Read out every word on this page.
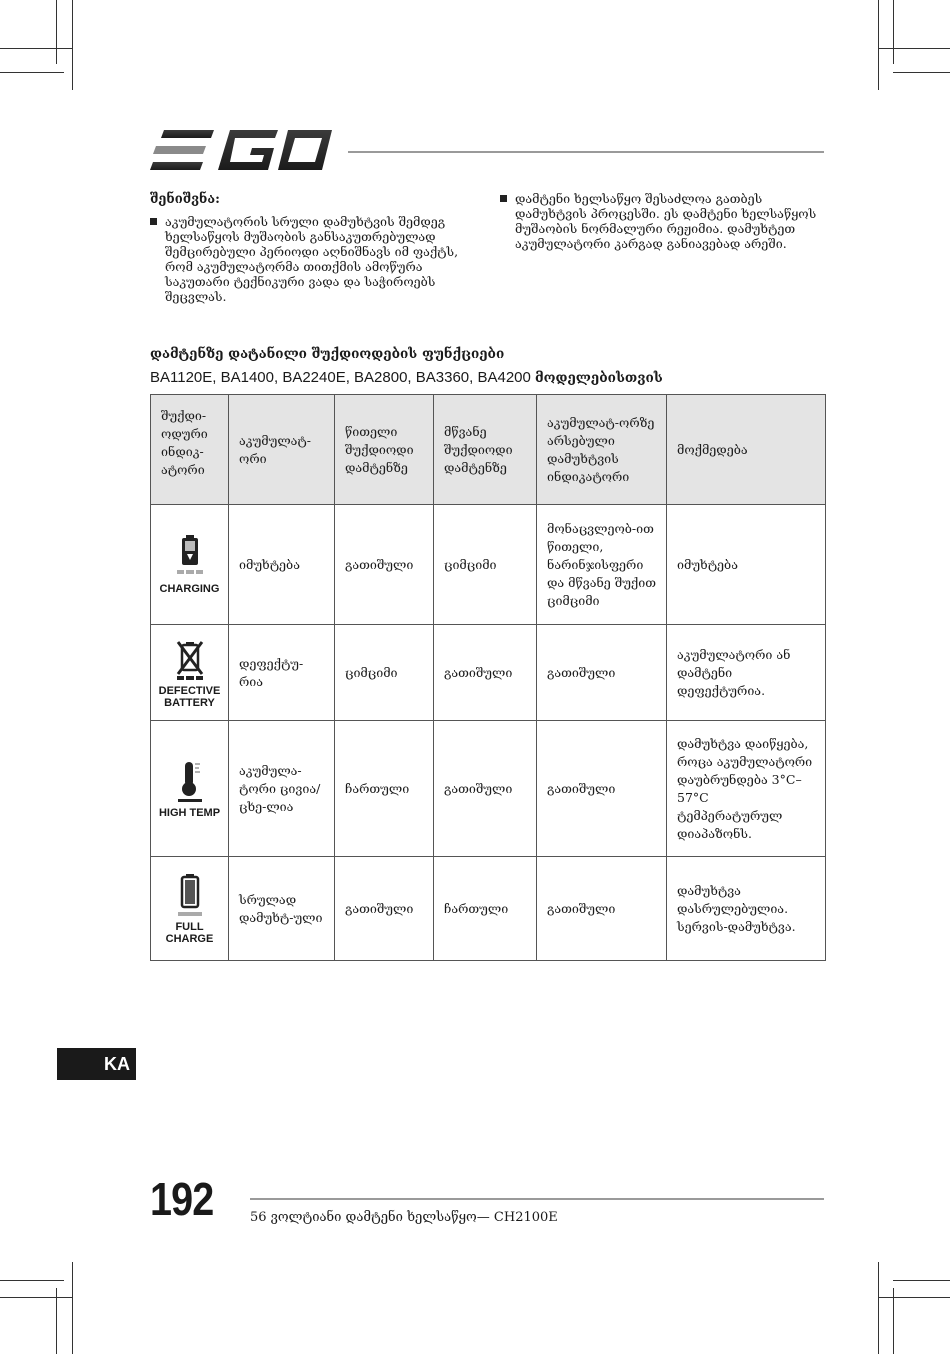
შენიშვნა:
აკუმულატორის სრული დამუხტვის შემდეგ ხელსაწყოს მუშაობის განსაკუთრებულად შემცირებული პერიოდი აღნიშნავს იმ ფაქტს, რომ აკუმულატორმა თითქმის ამოწურა საკუთარი ტექნიკური ვადა და საჭიროებს შეცვლას.
დამტენი ხელსაწყო შესაძლოა გათბეს დამუხტვის პროცესში. ეს დამტენი ხელსაწყოს მუშაობის ნორმალური რეჟიმია. დამუხტეთ აკუმულატორი კარგად განიავებად არეში.
დამტენზე დატანილი შუქდიოდების ფუნქციები
BA1120E, BA1400, BA2240E, BA2800, BA3360, BA4200 მოდელებისთვის
შუქდი-ოდური ინდიკ-ატორი	აკუმულატ-ორი	წითელი შუქდიოდი დამტენზე	მწვანე შუქდიოდი დამტენზე	აკუმულატ-ორზე არსებული დამუხტვის ინდიკატორი	მოქმედება

CHARGING	იმუხტება	გათიშული	ციმციმი	მონაცვლეობ-ით წითელი, ნარინჯისფერი და მწვანე შუქით ციმციმი	იმუხტება

DEFECTIVE BATTERY	დეფექტუ-რია	ციმციმი	გათიშული	გათიშული	აკუმულატორი ან დამტენი დეფექტურია.

HIGH TEMP	აკუმულა-ტორი ცივია/ცხე-ლია	ჩართული	გათიშული	გათიშული	დამუხტვა დაიწყება, როცა აკუმულატორი დაუბრუნდება 3°C–57°C ტემპერატურულ დიაპაზონს.

FULL CHARGE	სრულად დამუხტ-ული	გათიშული	ჩართული	გათიშული	დამუხტვა დასრულებულია. სერვის-დამუხტვა.
KA
192	56 ვოლტიანი დამტენი ხელსაწყო— CH2100E
